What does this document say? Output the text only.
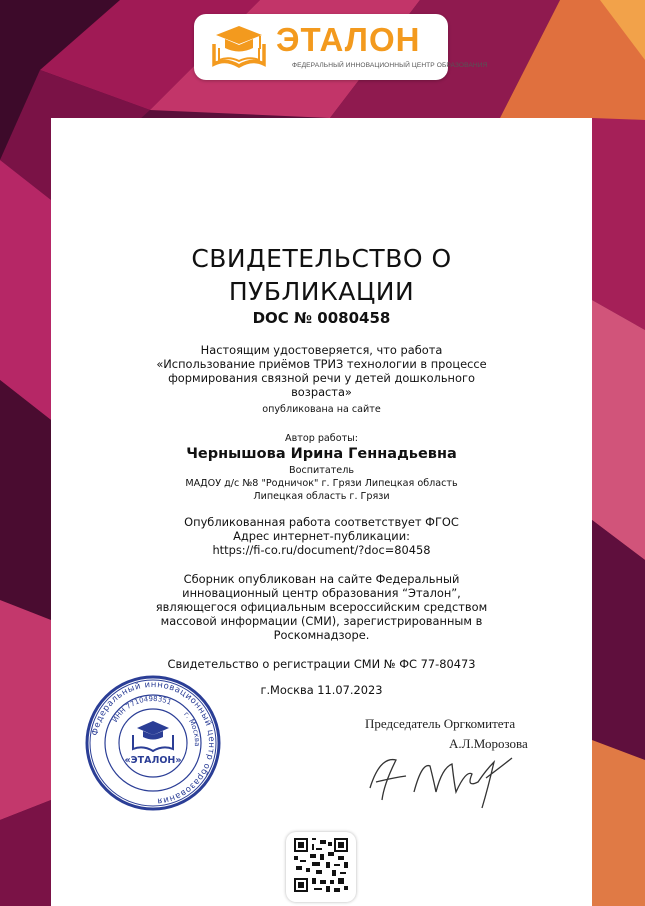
ЭТАЛОН
ФЕДЕРАЛЬНЫЙ ИННОВАЦИОННЫЙ ЦЕНТР ОБРАЗОВАНИЯ
СВИДЕТЕЛЬСТВО О
ПУБЛИКАЦИИ
DOC № 0080458
Настоящим удостоверяется, что работа
«Использование приёмов ТРИЗ технологии в процессе
формирования связной речи у детей дошкольного
возраста»
опубликована на сайте
Автор работы:
Чернышова Ирина Геннадьевна
Воспитатель
МАДОУ д/с №8 "Родничок" г. Грязи Липецкая область
Липецкая область г. Грязи
Опубликованная работа соответствует ФГОС
Адрес интернет-публикации:
https://fi-co.ru/document/?doc=80458
Сборник опубликован на сайте Федеральный
инновационный центр образования “Эталон”,
являющегося официальным всероссийским средством
массовой информации (СМИ), зарегистрированным в
Роскомнадзоре.
Свидетельство о регистрации СМИ № ФС 77-80473
г.Москва 11.07.2023
Федеральный инновационный центр образования
ИНН 7710498351
г. Москва
«ЭТАЛОН»
Председатель Оргкомитета
А.Л.Морозова
